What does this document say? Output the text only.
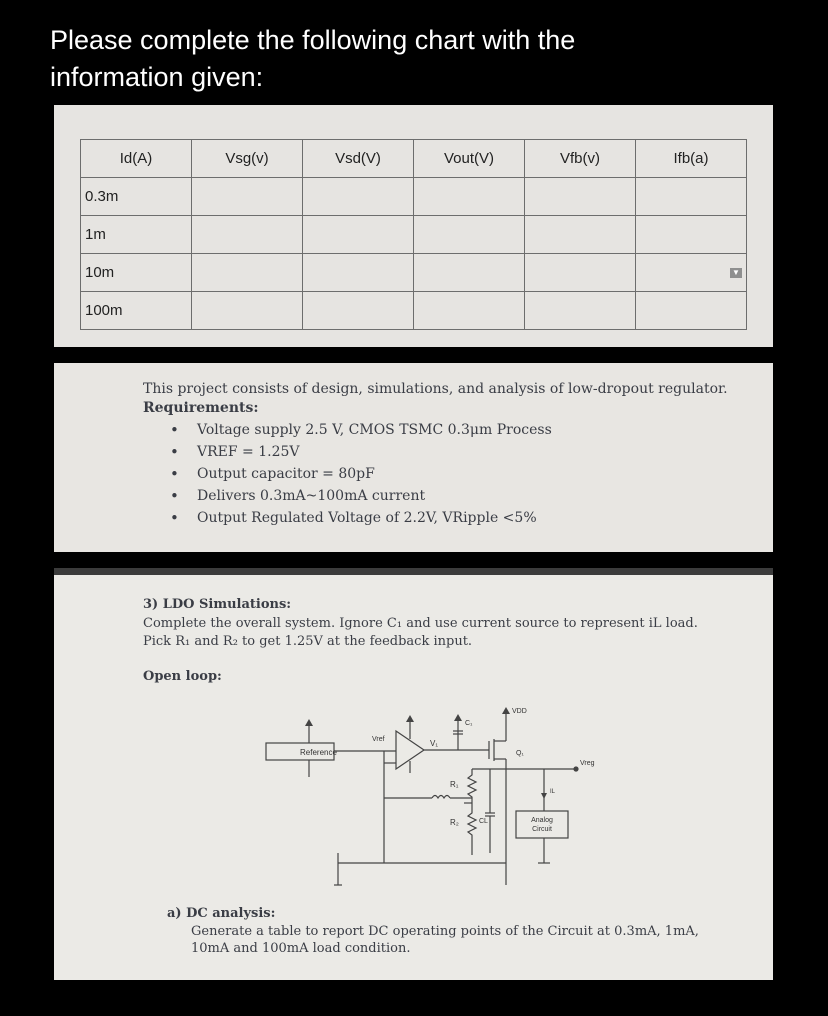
Please complete the following chart with the
information given:
Id(A)	Vsg(v)	Vsd(V)	Vout(V)	Vfb(v)	Ifb(a)
0.3m					
1m					
10m					▼

100m					
This project consists of design, simulations, and analysis of low-dropout regulator.
Requirements:
• Voltage supply 2.5 V, CMOS TSMC 0.3μm Process
• VREF = 1.25V
• Output capacitor = 80pF
• Delivers 0.3mA~100mA current
• Output Regulated Voltage of 2.2V, VRipple <5%
3) LDO Simulations:
Complete the overall system. Ignore C₁ and use current source to represent iL load.
Pick R₁ and R₂ to get 1.25V at the feedback input.
Open loop:
Reference
Vref	V₁
C₁
VDD
Q₁
R₁
R₂	CL
Vreg
IL
Analog
Circuit
a) DC analysis:
Generate a table to report DC operating points of the Circuit at 0.3mA, 1mA,
10mA and 100mA load condition.
